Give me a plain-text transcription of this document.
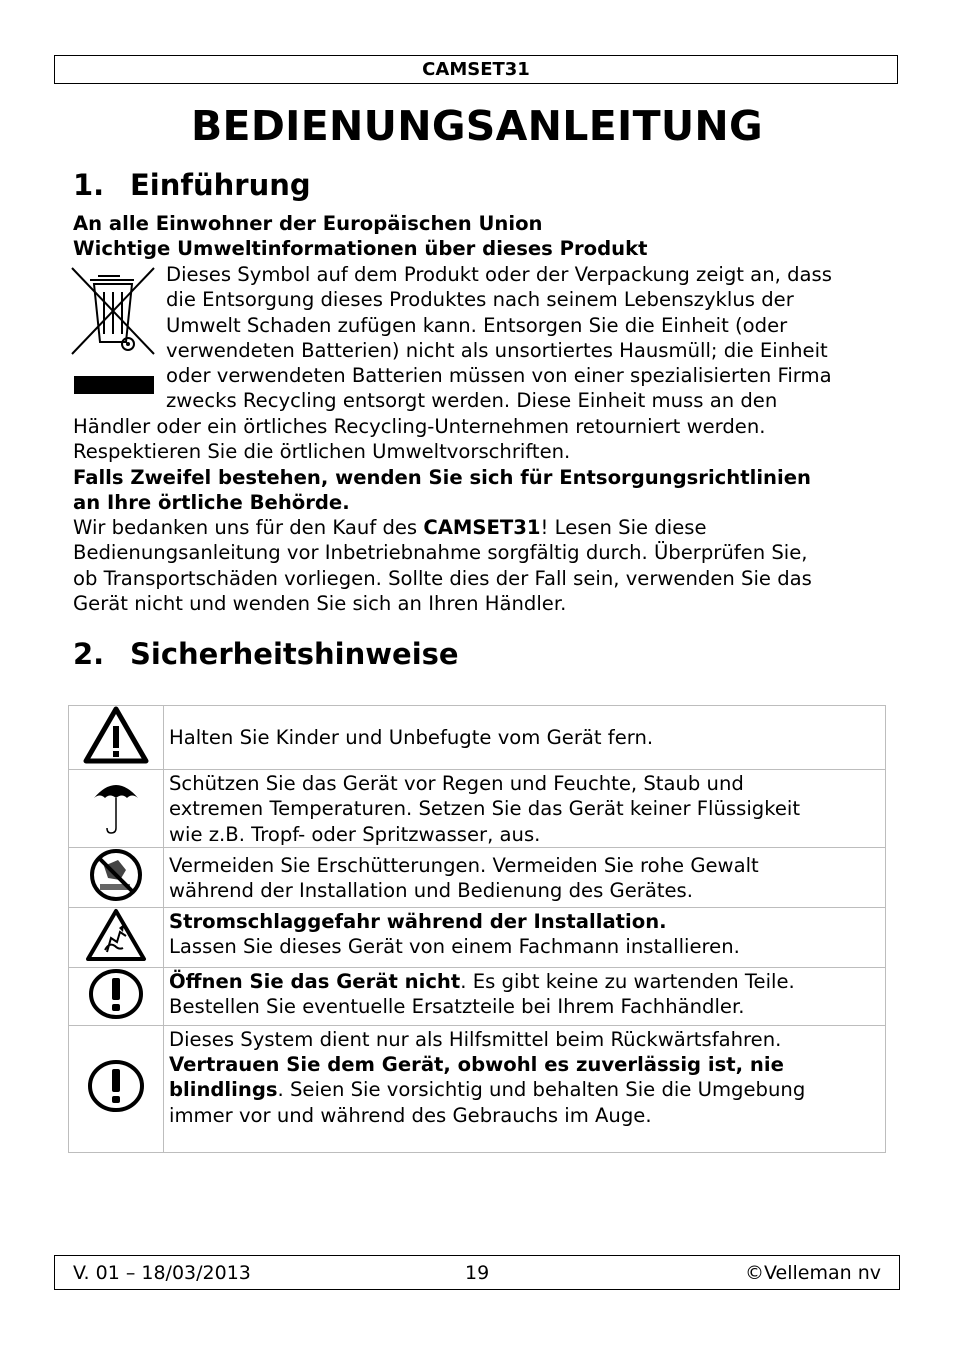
CAMSET31
BEDIENUNGSANLEITUNG
1. Einführung
An alle Einwohner der Europäischen Union
Wichtige Umweltinformationen über dieses Produkt
Dieses Symbol auf dem Produkt oder der Verpackung zeigt an, dass
die Entsorgung dieses Produktes nach seinem Lebenszyklus der
Umwelt Schaden zufügen kann. Entsorgen Sie die Einheit (oder
verwendeten Batterien) nicht als unsortiertes Hausmüll; die Einheit
oder verwendeten Batterien müssen von einer spezialisierten Firma
zwecks Recycling entsorgt werden. Diese Einheit muss an den
Händler oder ein örtliches Recycling-Unternehmen retourniert werden.
Respektieren Sie die örtlichen Umweltvorschriften.
Falls Zweifel bestehen, wenden Sie sich für Entsorgungsrichtlinien
an Ihre örtliche Behörde.
Wir bedanken uns für den Kauf des CAMSET31! Lesen Sie diese
Bedienungsanleitung vor Inbetriebnahme sorgfältig durch. Überprüfen Sie,
ob Transportschäden vorliegen. Sollte dies der Fall sein, verwenden Sie das
Gerät nicht und wenden Sie sich an Ihren Händler.
2. Sicherheitshinweise
	Halten Sie Kinder und Unbefugte vom Gerät fern.

Schützen Sie das Gerät vor Regen und Feuchte, Staub und
extremen Temperaturen. Setzen Sie das Gerät keiner Flüssigkeit
wie z.B. Tropf- oder Spritzwasser, aus.

Vermeiden Sie Erschütterungen. Vermeiden Sie rohe Gewalt
während der Installation und Bedienung des Gerätes.

Stromschlaggefahr während der Installation.
Lassen Sie dieses Gerät von einem Fachmann installieren.

Öffnen Sie das Gerät nicht. Es gibt keine zu wartenden Teile.
Bestellen Sie eventuelle Ersatzteile bei Ihrem Fachhändler.

Dieses System dient nur als Hilfsmittel beim Rückwärtsfahren.
Vertrauen Sie dem Gerät, obwohl es zuverlässig ist, nie
blindlings. Seien Sie vorsichtig und behalten Sie die Umgebung
immer vor und während des Gebrauchs im Auge.
V. 01 – 18/03/2013	19	©Velleman nv
